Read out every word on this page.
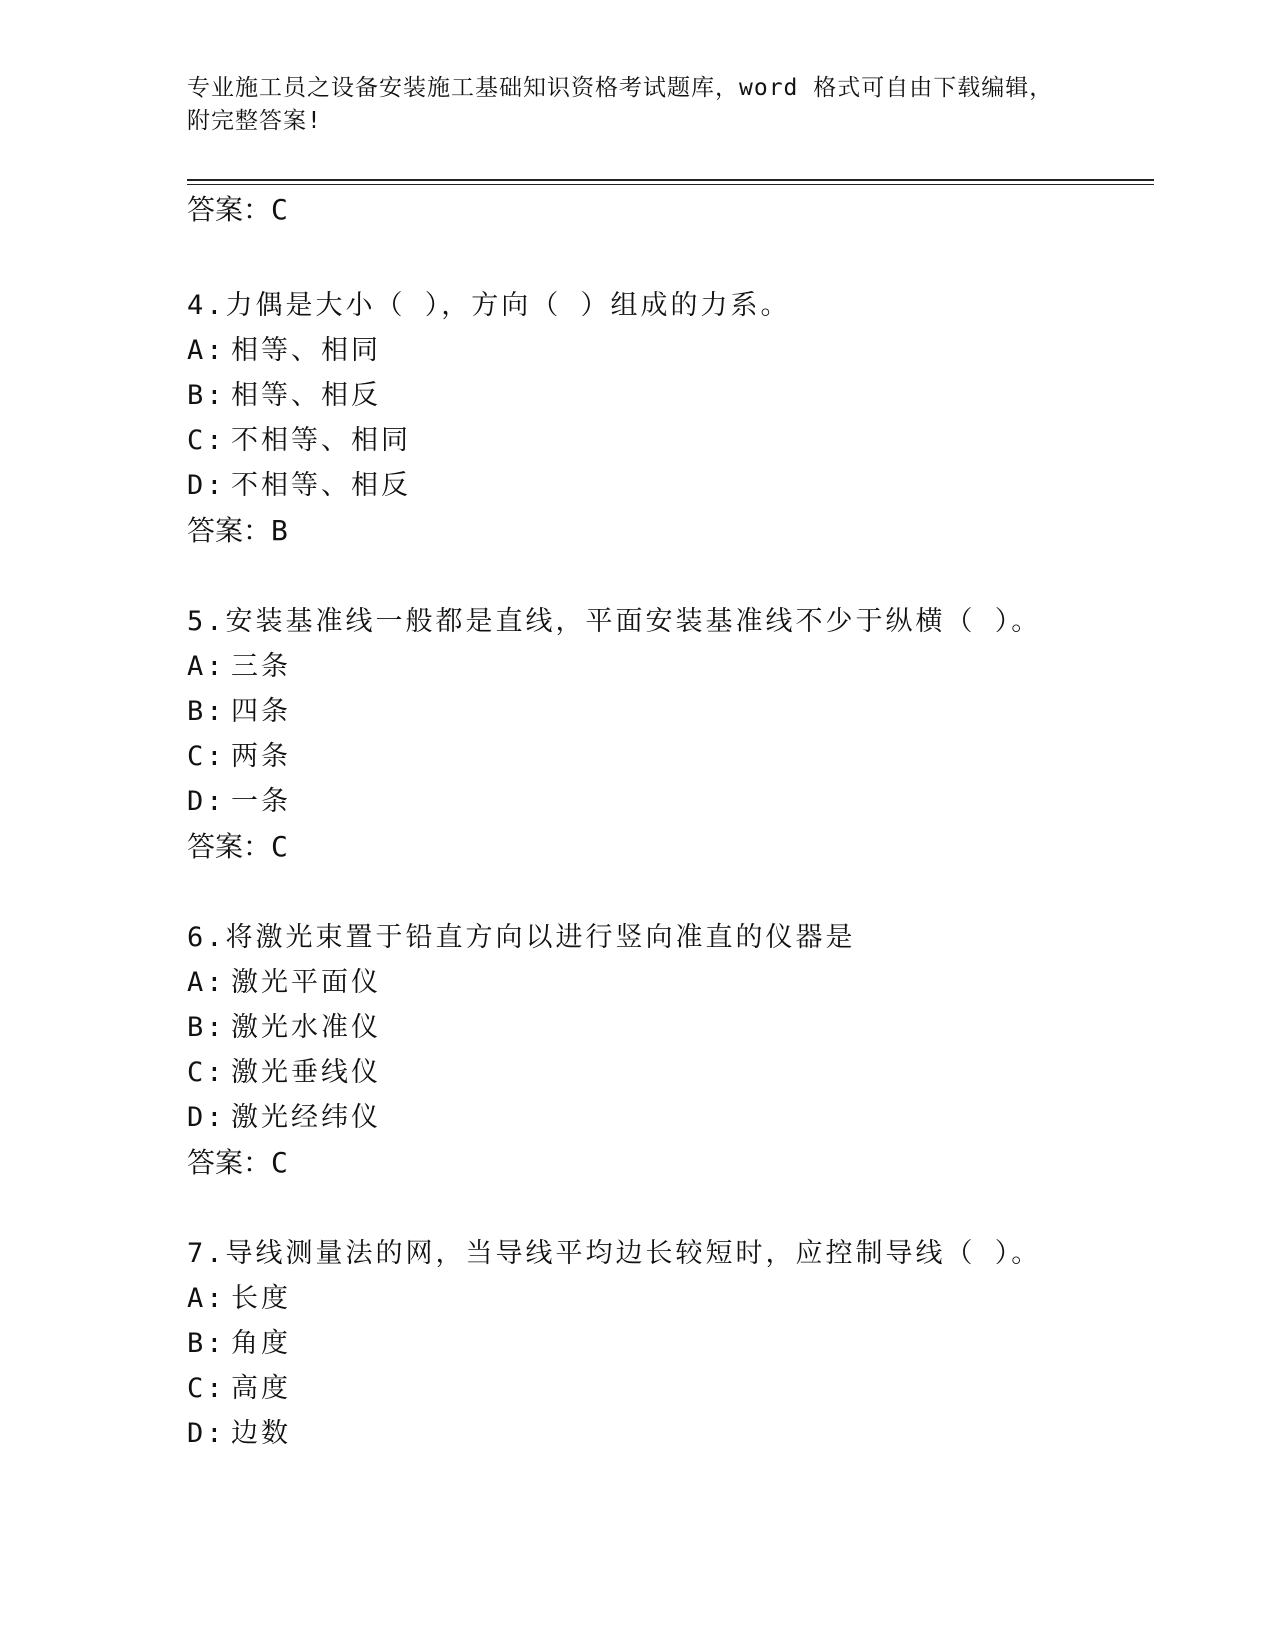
专业施工员之设备安装施工基础知识资格考试题库，word 格式可自由下载编辑，
附完整答案!
答案：C
4.力偶是大小（ ），方向（ ）组成的力系。
A: 相等、相同
B: 相等、相反
C: 不相等、相同
D: 不相等、相反
答案：B
5.安装基准线一般都是直线，平面安装基准线不少于纵横（ ）。
A: 三条
B: 四条
C: 两条
D: 一条
答案：C
6.将激光束置于铅直方向以进行竖向准直的仪器是
A: 激光平面仪
B: 激光水准仪
C: 激光垂线仪
D: 激光经纬仪
答案：C
7.导线测量法的网，当导线平均边长较短时，应控制导线（ ）。
A: 长度
B: 角度
C: 高度
D: 边数
